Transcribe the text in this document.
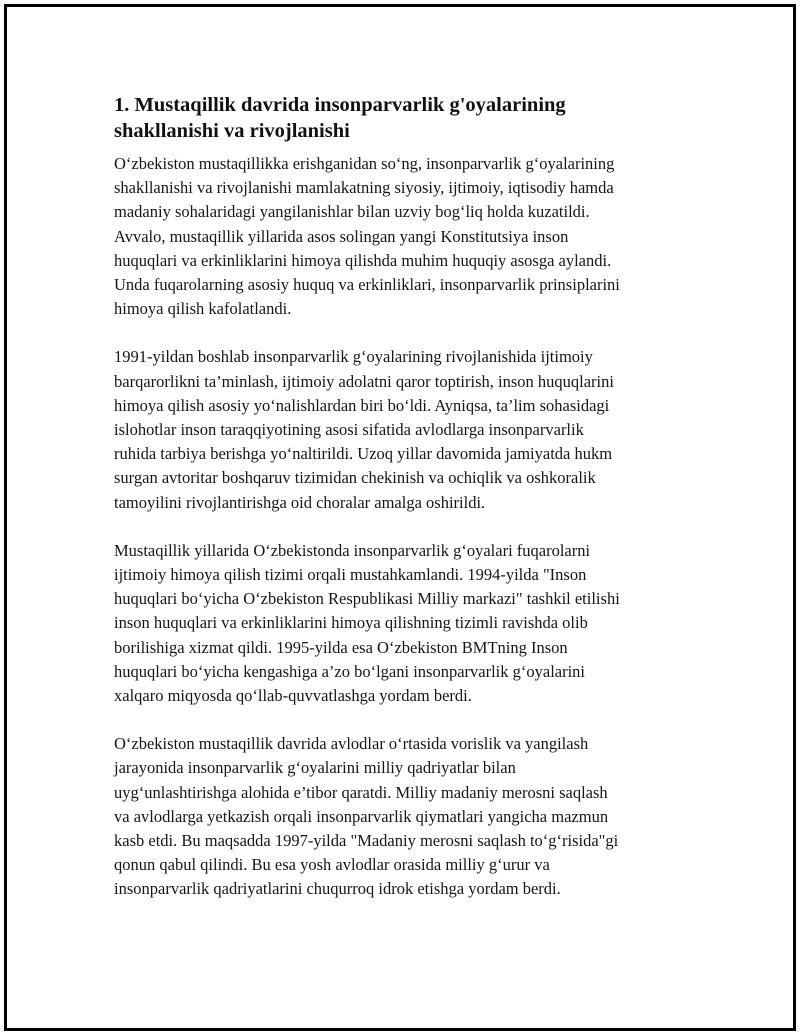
1. Mustaqillik davrida insonparvarlik g'oyalarining
shakllanishi va rivojlanishi

O‘zbekiston mustaqillikka erishganidan so‘ng, insonparvarlik g‘oyalarining
shakllanishi va rivojlanishi mamlakatning siyosiy, ijtimoiy, iqtisodiy hamda
madaniy sohalaridagi yangilanishlar bilan uzviy bog‘liq holda kuzatildi.
Avvalo, mustaqillik yillarida asos solingan yangi Konstitutsiya inson
huquqlari va erkinliklarini himoya qilishda muhim huquqiy asosga aylandi.
Unda fuqarolarning asosiy huquq va erkinliklari, insonparvarlik prinsiplarini
himoya qilish kafolatlandi.

1991-yildan boshlab insonparvarlik g‘oyalarining rivojlanishida ijtimoiy
barqarorlikni ta’minlash, ijtimoiy adolatni qaror toptirish, inson huquqlarini
himoya qilish asosiy yo‘nalishlardan biri bo‘ldi. Ayniqsa, ta’lim sohasidagi
islohotlar inson taraqqiyotining asosi sifatida avlodlarga insonparvarlik
ruhida tarbiya berishga yo‘naltirildi. Uzoq yillar davomida jamiyatda hukm
surgan avtoritar boshqaruv tizimidan chekinish va ochiqlik va oshkoralik
tamoyilini rivojlantirishga oid choralar amalga oshirildi.

Mustaqillik yillarida O‘zbekistonda insonparvarlik g‘oyalari fuqarolarni
ijtimoiy himoya qilish tizimi orqali mustahkamlandi. 1994-yilda "Inson
huquqlari bo‘yicha O‘zbekiston Respublikasi Milliy markazi" tashkil etilishi
inson huquqlari va erkinliklarini himoya qilishning tizimli ravishda olib
borilishiga xizmat qildi. 1995-yilda esa O‘zbekiston BMTning Inson
huquqlari bo‘yicha kengashiga a’zo bo‘lgani insonparvarlik g‘oyalarini
xalqaro miqyosda qo‘llab-quvvatlashga yordam berdi.

O‘zbekiston mustaqillik davrida avlodlar o‘rtasida vorislik va yangilash
jarayonida insonparvarlik g‘oyalarini milliy qadriyatlar bilan
uyg‘unlashtirishga alohida e’tibor qaratdi. Milliy madaniy merosni saqlash
va avlodlarga yetkazish orqali insonparvarlik qiymatlari yangicha mazmun
kasb etdi. Bu maqsadda 1997-yilda "Madaniy merosni saqlash to‘g‘risida"gi
qonun qabul qilindi. Bu esa yosh avlodlar orasida milliy g‘urur va
insonparvarlik qadriyatlarini chuqurroq idrok etishga yordam berdi.
